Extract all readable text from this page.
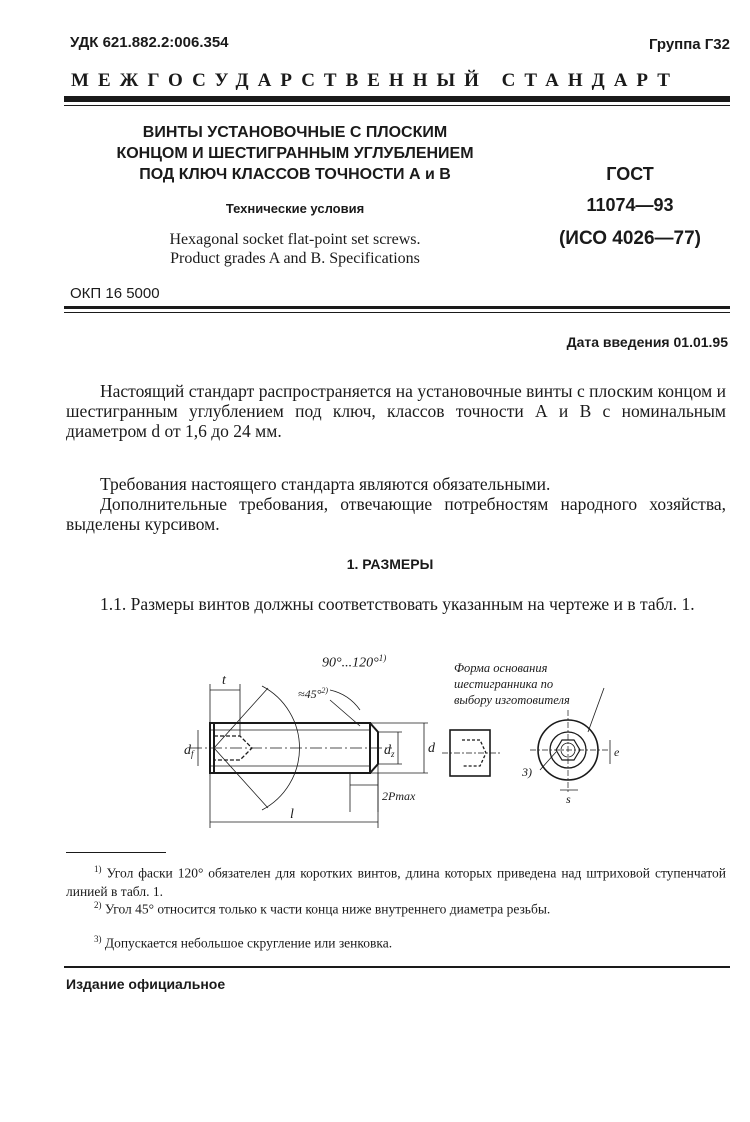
УДК 621.882.2:006.354	Группа Г32
МЕЖГОСУДАРСТВЕННЫЙ СТАНДАРТ
ВИНТЫ УСТАНОВОЧНЫЕ С ПЛОСКИМ
КОНЦОМ И ШЕСТИГРАННЫМ УГЛУБЛЕНИЕМ
ПОД КЛЮЧ КЛАССОВ ТОЧНОСТИ А и В
Технические условия
Hexagonal socket flat-point set screws.
Product grades A and B. Specifications
ГОСТ
11074—93
(ИСО 4026—77)
ОКП 16 5000
Дата введения 01.01.95
Настоящий стандарт распространяется на установочные винты с плоским концом и шестигранным углублением под ключ, классов точности А и В с номинальным диаметром d от 1,6 до 24 мм.
Требования настоящего стандарта являются обязательными.
Дополнительные требования, отвечающие потребностям народного хозяйства, выделены курсивом.
1. РАЗМЕРЫ
1.1. Размеры винтов должны соответствовать указанным на чертеже и в табл. 1.
t
$d_f$	$d_z$ d
l
2Pmax
≈45°$^{2)}$
3)
s
e
90°...120°$^{1)}$
Форма основания
шестигранника по
выбору изготовителя
$^{1)}$ Угол фаски 120° обязателен для коротких винтов, длина которых приведена над штриховой ступенчатой линией в табл. 1.
$^{2)}$ Угол 45° относится только к части конца ниже внутреннего диаметра резьбы.
$^{3)}$ Допускается небольшое скругление или зенковка.
Издание официальное
